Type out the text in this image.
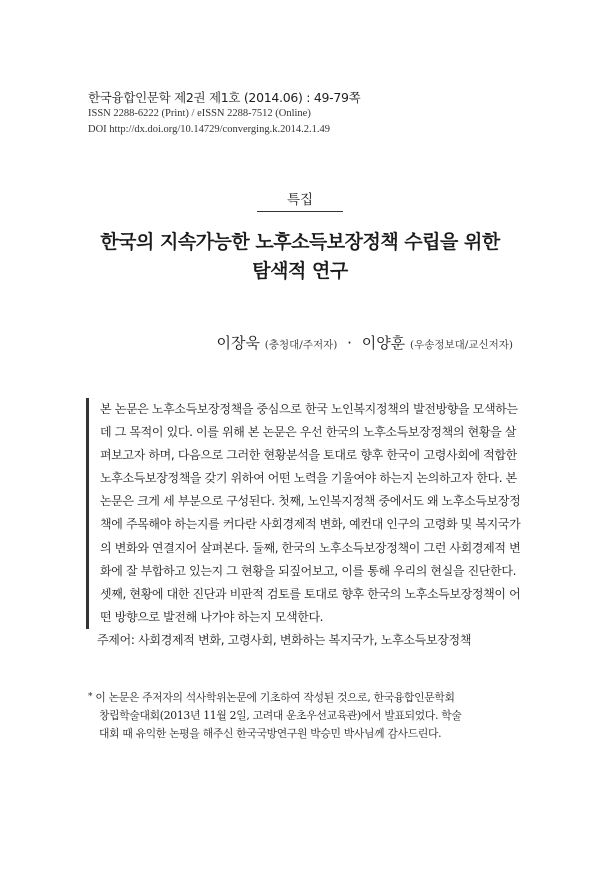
한국융합인문학 제2권 제1호 (2014.06) : 49-79쪽
ISSN 2288-6222 (Print) / eISSN 2288-7512 (Online)
DOI http://dx.doi.org/10.14729/converging.k.2014.2.1.49
특집
한국의 지속가능한 노후소득보장정책 수립을 위한
탐색적 연구
이장욱 (충청대/주저자) · 이양훈 (우송정보대/교신저자)
본 논문은 노후소득보장정책을 중심으로 한국 노인복지정책의 발전방향을 모색하는
데 그 목적이 있다. 이를 위해 본 논문은 우선 한국의 노후소득보장정책의 현황을 살
펴보고자 하며, 다음으로 그러한 현황분석을 토대로 향후 한국이 고령사회에 적합한
노후소득보장정책을 갖기 위하여 어떤 노력을 기울여야 하는지 논의하고자 한다. 본
논문은 크게 세 부분으로 구성된다. 첫째, 노인복지정책 중에서도 왜 노후소득보장정
책에 주목해야 하는지를 커다란 사회경제적 변화, 예컨대 인구의 고령화 및 복지국가
의 변화와 연결지어 살펴본다. 둘째, 한국의 노후소득보장정책이 그런 사회경제적 변
화에 잘 부합하고 있는지 그 현황을 되짚어보고, 이를 통해 우리의 현실을 진단한다.
셋째, 현황에 대한 진단과 비판적 검토를 토대로 향후 한국의 노후소득보장정책이 어
떤 방향으로 발전해 나가야 하는지 모색한다.
주제어: 사회경제적 변화, 고령사회, 변화하는 복지국가, 노후소득보장정책
* 이 논문은 주저자의 석사학위논문에 기초하여 작성된 것으로, 한국융합인문학회
창립학술대회(2013년 11월 2일, 고려대 운초우선교육관)에서 발표되었다. 학술
대회 때 유익한 논평을 해주신 한국국방연구원 박승민 박사님께 감사드린다.
